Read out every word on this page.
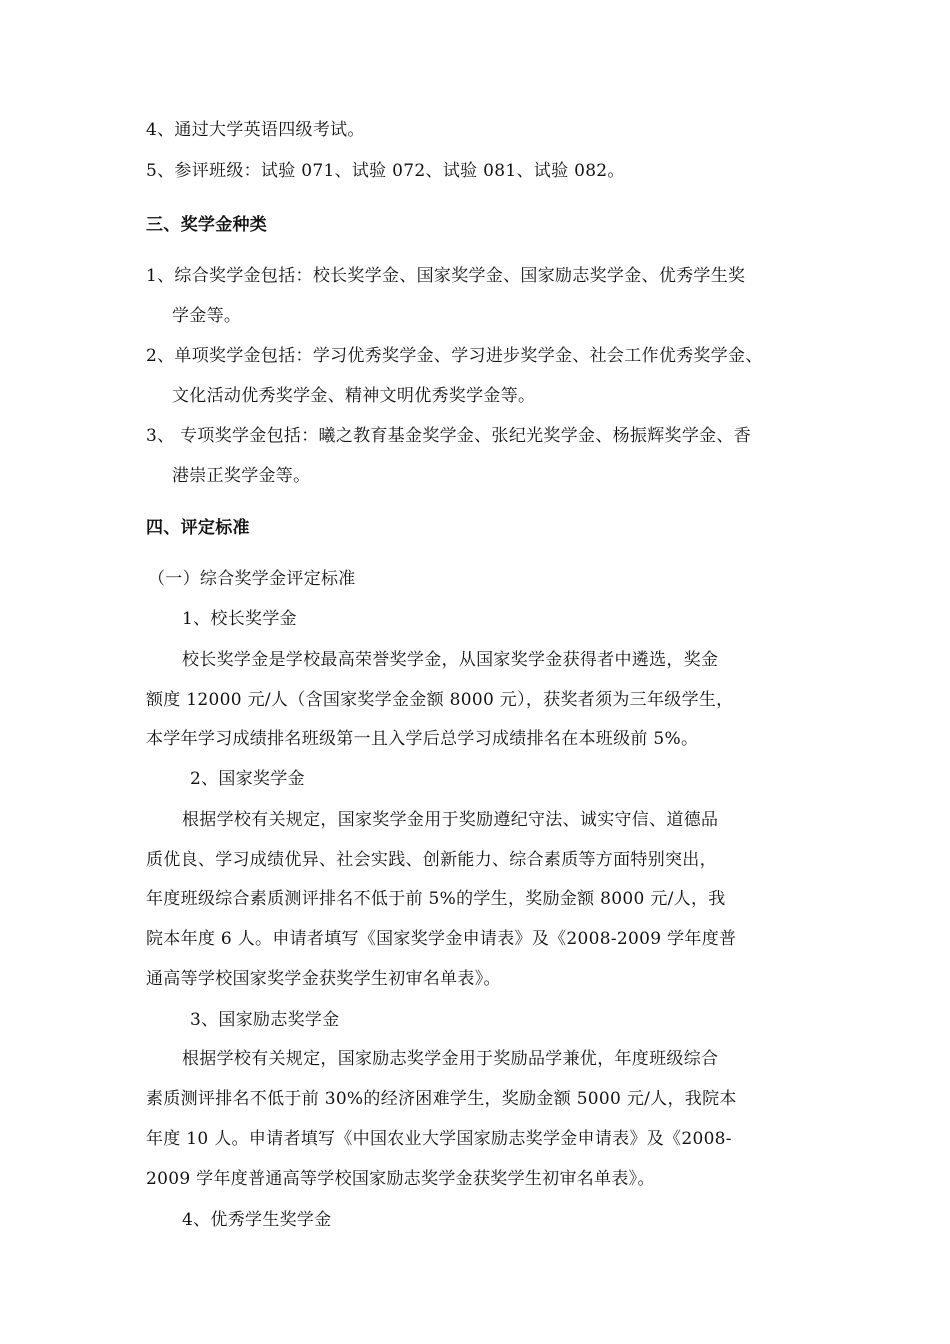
4、通过大学英语四级考试。
5、参评班级：试验 071、试验 072、试验 081、试验 082。
三、奖学金种类
1、综合奖学金包括：校长奖学金、国家奖学金、国家励志奖学金、优秀学生奖
学金等。
2、单项奖学金包括：学习优秀奖学金、学习进步奖学金、社会工作优秀奖学金、
文化活动优秀奖学金、精神文明优秀奖学金等。
3、 专项奖学金包括：曦之教育基金奖学金、张纪光奖学金、杨振辉奖学金、香
港崇正奖学金等。
四、评定标准
（一）综合奖学金评定标准
1、校长奖学金
校长奖学金是学校最高荣誉奖学金，从国家奖学金获得者中遴选，奖金
额度 12000 元/人（含国家奖学金金额 8000 元），获奖者须为三年级学生，
本学年学习成绩排名班级第一且入学后总学习成绩排名在本班级前 5%。
2、国家奖学金
根据学校有关规定，国家奖学金用于奖励遵纪守法、诚实守信、道德品
质优良、学习成绩优异、社会实践、创新能力、综合素质等方面特别突出，
年度班级综合素质测评排名不低于前 5%的学生，奖励金额 8000 元/人，我
院本年度 6 人。申请者填写《国家奖学金申请表》及《2008-2009 学年度普
通高等学校国家奖学金获奖学生初审名单表》。
3、国家励志奖学金
根据学校有关规定，国家励志奖学金用于奖励品学兼优，年度班级综合
素质测评排名不低于前 30%的经济困难学生，奖励金额 5000 元/人，我院本
年度 10 人。申请者填写《中国农业大学国家励志奖学金申请表》及《2008-
2009 学年度普通高等学校国家励志奖学金获奖学生初审名单表》。
4、优秀学生奖学金
